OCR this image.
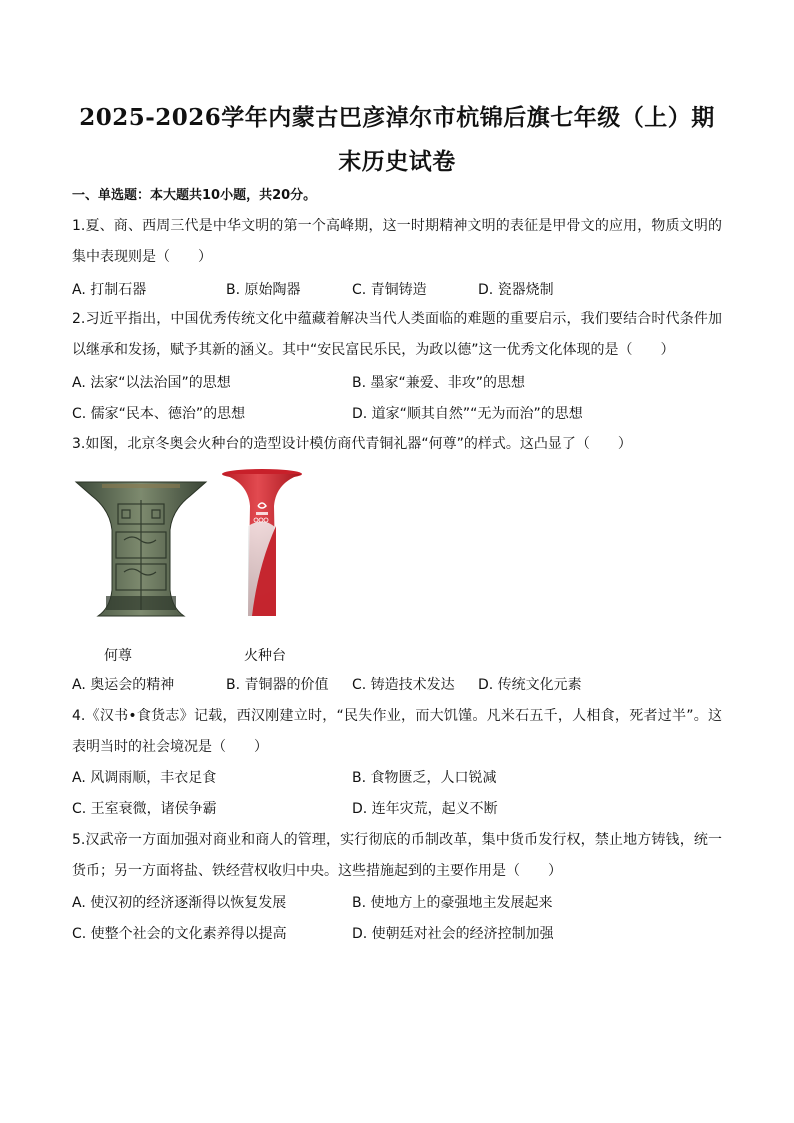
2025-2026学年内蒙古巴彦淖尔市杭锦后旗七年级（上）期末历史试卷
一、单选题：本大题共10小题，共20分。
1.夏、商、西周三代是中华文明的第一个高峰期，这一时期精神文明的表征是甲骨文的应用，物质文明的集中表现则是（　　）
A. 打制石器	B. 原始陶器	C. 青铜铸造	D. 瓷器烧制
2.习近平指出，中国优秀传统文化中蕴藏着解决当代人类面临的难题的重要启示，我们要结合时代条件加以继承和发扬，赋予其新的涵义。其中“安民富民乐民，为政以德”这一优秀文化体现的是（　　）
A. 法家“以法治国”的思想	B. 墨家“兼爱、非攻”的思想
C. 儒家“民本、德治”的思想	D. 道家“顺其自然”“无为而治”的思想
3.如图，北京冬奥会火种台的造型设计模仿商代青铜礼器“何尊”的样式。这凸显了（　　）
何尊	火种台
A. 奥运会的精神	B. 青铜器的价值 C. 铸造技术发达 D. 传统文化元素
4.《汉书•食货志》记载，西汉刚建立时，“民失作业，而大饥馑。凡米石五千，人相食，死者过半”。这表明当时的社会境况是（　　）
A. 风调雨顺，丰衣足食	B. 食物匮乏，人口锐减
C. 王室衰微，诸侯争霸	D. 连年灾荒，起义不断
5.汉武帝一方面加强对商业和商人的管理，实行彻底的币制改革，集中货币发行权，禁止地方铸钱，统一货币；另一方面将盐、铁经营权收归中央。这些措施起到的主要作用是（　　）
A. 使汉初的经济逐渐得以恢复发展	B. 使地方上的豪强地主发展起来
C. 使整个社会的文化素养得以提高	D. 使朝廷对社会的经济控制加强
